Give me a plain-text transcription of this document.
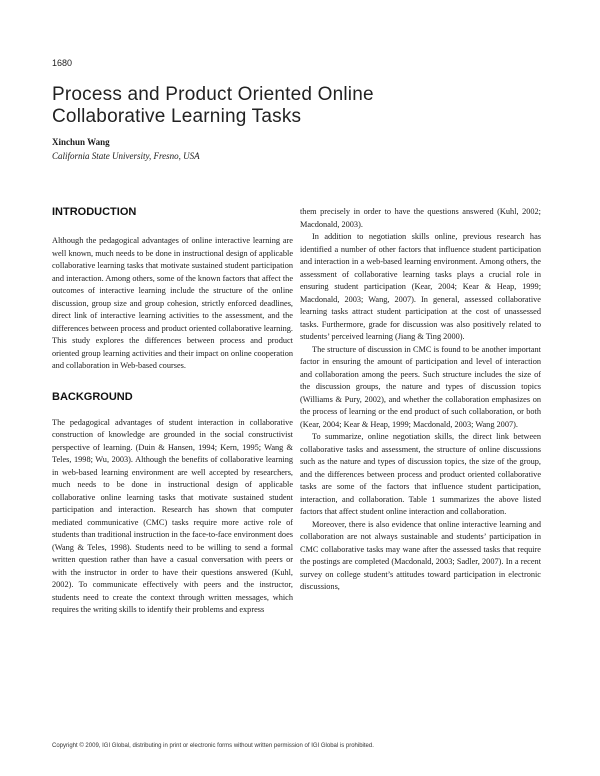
1680
Process and Product Oriented Online
Collaborative Learning Tasks
Xinchun Wang
California State University, Fresno, USA
INTRODUCTION

Although the pedagogical advantages of online interactive learning are well known, much needs to be done in instructional design of applicable collaborative learning tasks that motivate sustained student participation and interaction. Among others, some of the known factors that affect the outcomes of interactive learning include the structure of the online discussion, group size and group cohesion, strictly enforced deadlines, direct link of interactive learning activities to the assessment, and the differences between process and product oriented collaborative learning. This study explores the differences between process and product oriented group learning activities and their impact on online cooperation and collaboration in Web-based courses.

BACKGROUND

The pedagogical advantages of student interaction in collaborative construction of knowledge are grounded in the social constructivist perspective of learning. (Duin & Hansen, 1994; Kern, 1995; Wang & Teles, 1998; Wu, 2003). Although the benefits of collaborative learning in web-based learning environment are well accepted by researchers, much needs to be done in instructional design of applicable collaborative online learning tasks that motivate sustained student participation and interaction. Research has shown that computer mediated communicative (CMC) tasks require more active role of students than traditional instruction in the face-to-face environment does (Wang & Teles, 1998). Students need to be willing to send a formal written question rather than have a casual conversation with peers or with the instructor in order to have their questions answered (Kuhl, 2002). To communicate effectively with peers and the instructor, students need to create the context through written messages, which requires the writing skills to identify their problems and express

them precisely in order to have the questions answered (Kuhl, 2002; Macdonald, 2003).

In addition to negotiation skills online, previous research has identified a number of other factors that influence student participation and interaction in a web-based learning environment. Among others, the assessment of collaborative learning tasks plays a crucial role in ensuring student participation (Kear, 2004; Kear & Heap, 1999; Macdonald, 2003; Wang, 2007). In general, assessed collaborative learning tasks attract student participation at the cost of unassessed tasks. Furthermore, grade for discussion was also positively related to students’ perceived learning (Jiang & Ting 2000).

The structure of discussion in CMC is found to be another important factor in ensuring the amount of participation and level of interaction and collaboration among the peers. Such structure includes the size of the discussion groups, the nature and types of discussion topics (Williams & Pury, 2002), and whether the collaboration emphasizes on the process of learning or the end product of such collaboration, or both (Kear, 2004; Kear & Heap, 1999; Macdonald, 2003; Wang 2007).

To summarize, online negotiation skills, the direct link between collaborative tasks and assessment, the structure of online discussions such as the nature and types of discussion topics, the size of the group, and the differences between process and product oriented collaborative tasks are some of the factors that influence student participation, interaction, and collaboration. Table 1 summarizes the above listed factors that affect student online interaction and collaboration.

Moreover, there is also evidence that online interactive learning and collaboration are not always sustainable and students’ participation in CMC collaborative tasks may wane after the assessed tasks that require the postings are completed (Macdonald, 2003; Sadler, 2007). In a recent survey on college student’s attitudes toward participation in electronic discussions,

Copyright © 2009, IGI Global, distributing in print or electronic forms without written permission of IGI Global is prohibited.
